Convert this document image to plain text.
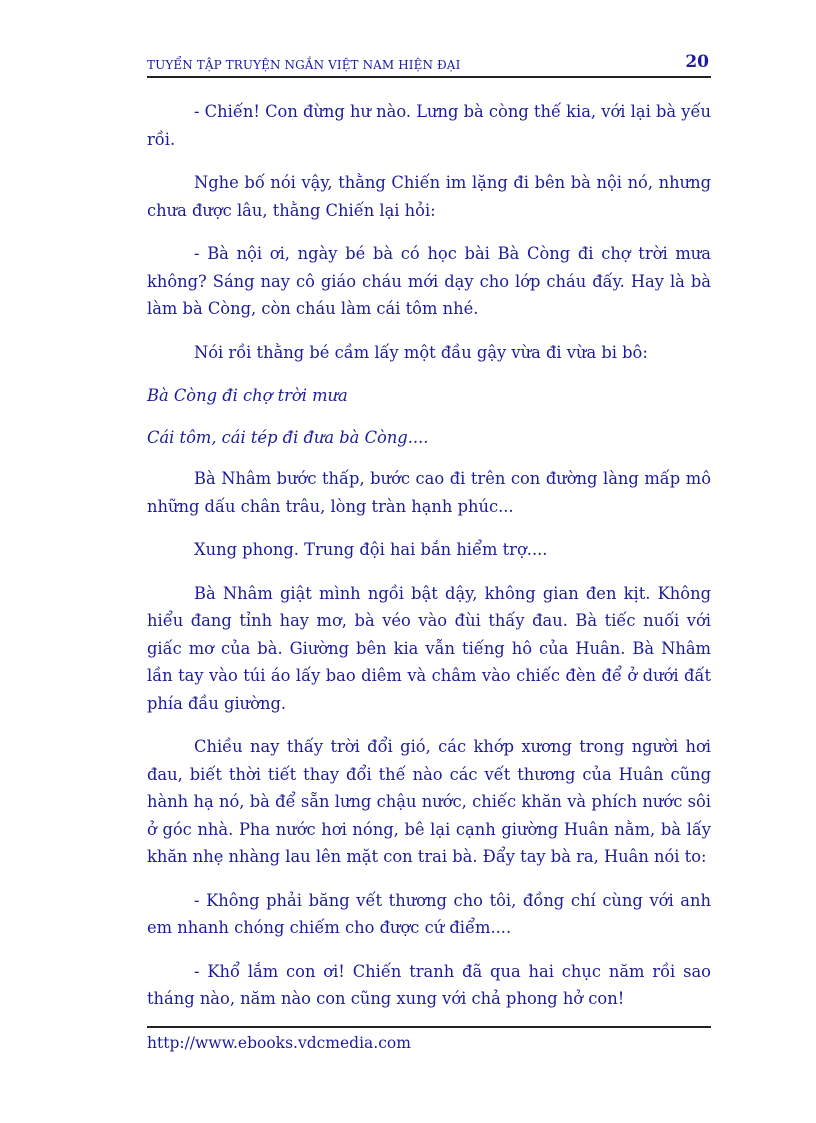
TUYỂN TẬP TRUYỆN NGẮN VIỆT NAM HIỆN ĐẠI	20

- Chiến! Con đừng hư nào. Lưng bà còng thế kia, với lại bà yếu rồi.

Nghe bố nói vậy, thằng Chiến im lặng đi bên bà nội nó, nhưng chưa được lâu, thằng Chiến lại hỏi:

- Bà nội ơi, ngày bé bà có học bài Bà Còng đi chợ trời mưa không? Sáng nay cô giáo cháu mới dạy cho lớp cháu đấy. Hay là bà làm bà Còng, còn cháu làm cái tôm nhé.

Nói rồi thằng bé cầm lấy một đầu gậy vừa đi vừa bi bô:

Bà Còng đi chợ trời mưa

Cái tôm, cái tép đi đưa bà Còng....

Bà Nhâm bước thấp, bước cao đi trên con đường làng mấp mô những dấu chân trâu, lòng tràn hạnh phúc...

Xung phong. Trung đội hai bắn hiểm trợ....

Bà Nhâm giật mình ngồi bật dậy, không gian đen kịt. Không hiểu đang tỉnh hay mơ, bà véo vào đùi thấy đau. Bà tiếc nuối với giấc mơ của bà. Giường bên kia vẫn tiếng hô của Huân. Bà Nhâm lần tay vào túi áo lấy bao diêm và châm vào chiếc đèn để ở dưới đất phía đầu giường.

Chiều nay thấy trời đổi gió, các khớp xương trong người hơi đau, biết thời tiết thay đổi thế nào các vết thương của Huân cũng hành hạ nó, bà để sẵn lưng chậu nước, chiếc khăn và phích nước sôi ở góc nhà. Pha nước hơi nóng, bê lại cạnh giường Huân nằm, bà lấy khăn nhẹ nhàng lau lên mặt con trai bà. Đẩy tay bà ra, Huân nói to:

- Không phải băng vết thương cho tôi, đồng chí cùng với anh em nhanh chóng chiếm cho được cứ điểm....

- Khổ lắm con ơi! Chiến tranh đã qua hai chục năm rồi sao tháng nào, năm nào con cũng xung với chả phong hở con!

http://www.ebooks.vdcmedia.com
